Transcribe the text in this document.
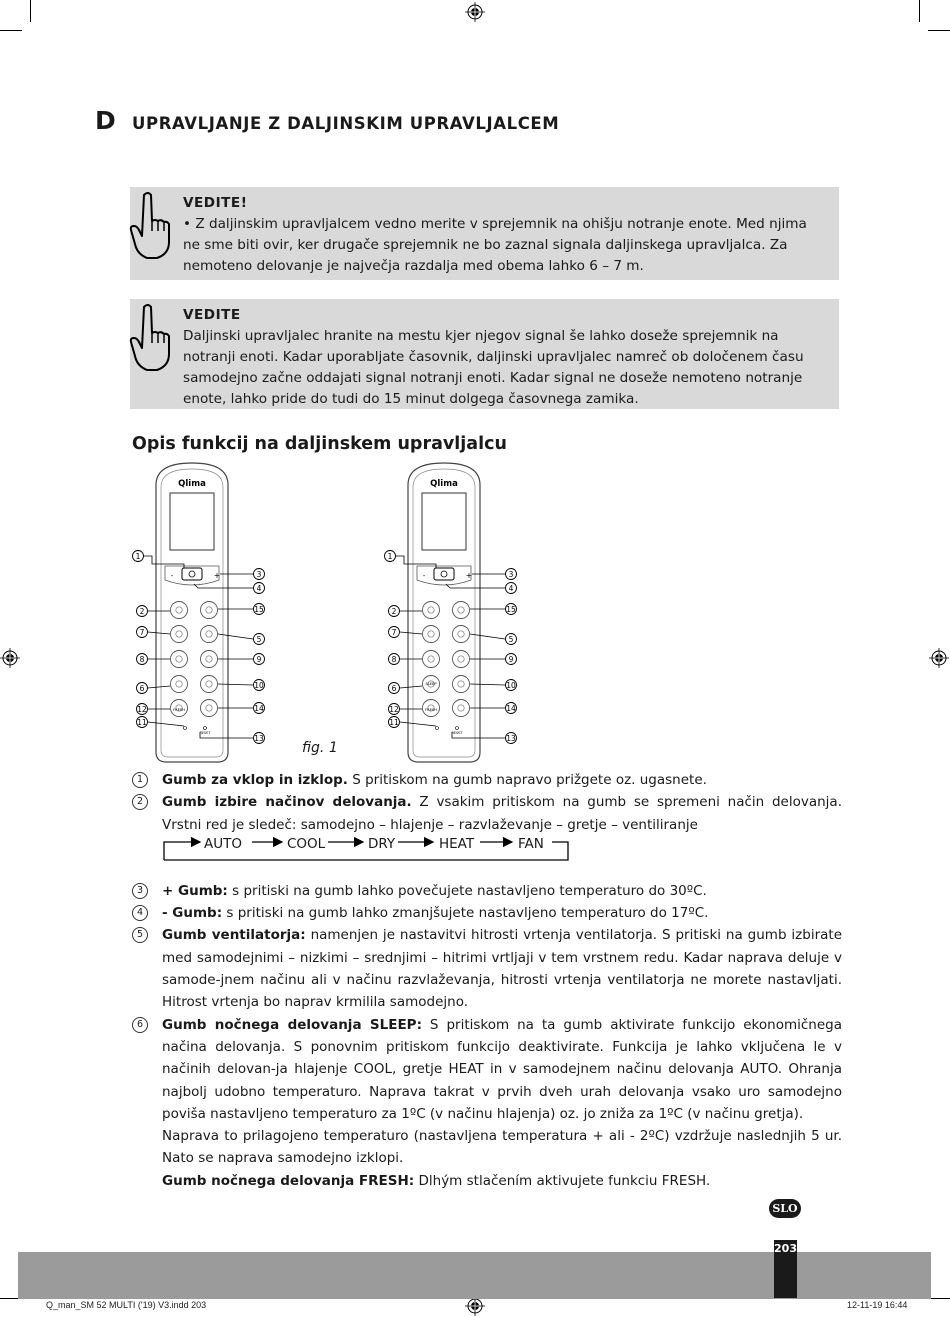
D UPRAVLJANJE Z DALJINSKIM UPRAVLJALCEM
VEDITE!
• Z daljinskim upravljalcem vedno merite v sprejemnik na ohišju notranje enote. Med njima ne sme biti ovir, ker drugače sprejemnik ne bo zaznal signala daljinskega upravljalca. Za nemoteno delovanje je največja razdalja med obema lahko 6 – 7 m.
VEDITE
Daljinski upravljalec hranite na mestu kjer njegov signal še lahko doseže sprejemnik na notranji enoti. Kadar uporabljate časovnik, daljinski upravljalec namreč ob določenem času samodejno začne oddajati signal notranji enoti. Kadar signal ne doseže nemoteno notranje enote, lahko pride do tudi do 15 minut dolgega časovnega zamika.
Opis funkcij na daljinskem upravljalcu
Qlima
-	+
FRESH
RESET
1
2
7
8
6
12
11
3
4
15
5
9
10
14
13
Qlima
-	+
SLEEP
FRESH
RESET
1
2
7
8
6
12
11
3
4
15
5
9
10
14
13
fig. 1
1	Gumb za vklop in izklop. S pritiskom na gumb napravo prižgete oz. ugasnete.
2	Gumb izbire načinov delovanja. Z vsakim pritiskom na gumb se spremeni način delovanja. Vrstni red je sledeč: samodejno – hlajenje – razvlaževanje – gretje – ventiliranje
AUTO	COOL	DRY	HEAT	FAN
3	+ Gumb: s pritiski na gumb lahko povečujete nastavljeno temperaturo do 30ºC.
4	- Gumb: s pritiski na gumb lahko zmanjšujete nastavljeno temperaturo do 17ºC.
5	Gumb ventilatorja: namenjen je nastavitvi hitrosti vrtenja ventilatorja. S pritiski na gumb izbirate med samodejnimi – nizkimi – srednjimi – hitrimi vrtljaji v tem vrstnem redu. Kadar naprava deluje v samode-jnem načinu ali v načinu razvlaževanja, hitrosti vrtenja ventilatorja ne morete nastavljati. Hitrost vrtenja bo naprav krmilila samodejno.
6	Gumb nočnega delovanja SLEEP: S pritiskom na ta gumb aktivirate funkcijo ekonomičnega načina delovanja. S ponovnim pritiskom funkcijo deaktivirate. Funkcija je lahko vključena le v načinih delovan-ja hlajenje COOL, gretje HEAT in v samodejnem načinu delovanja AUTO. Ohranja najbolj udobno temperaturo. Naprava takrat v prvih dveh urah delovanja vsako uro samodejno poviša nastavljeno temperaturo za 1ºC (v načinu hlajenja) oz. jo zniža za 1ºC (v načinu gretja).
Naprava to prilagojeno temperaturo (nastavljena temperatura + ali - 2ºC) vzdržuje naslednjih 5 ur. Nato se naprava samodejno izklopi.
Gumb nočnega delovanja FRESH: Dlhým stlačením aktivujete funkciu FRESH.
SLO
203
Q_man_SM 52 MULTI ('19) V3.indd 203	12-11-19 16:44
